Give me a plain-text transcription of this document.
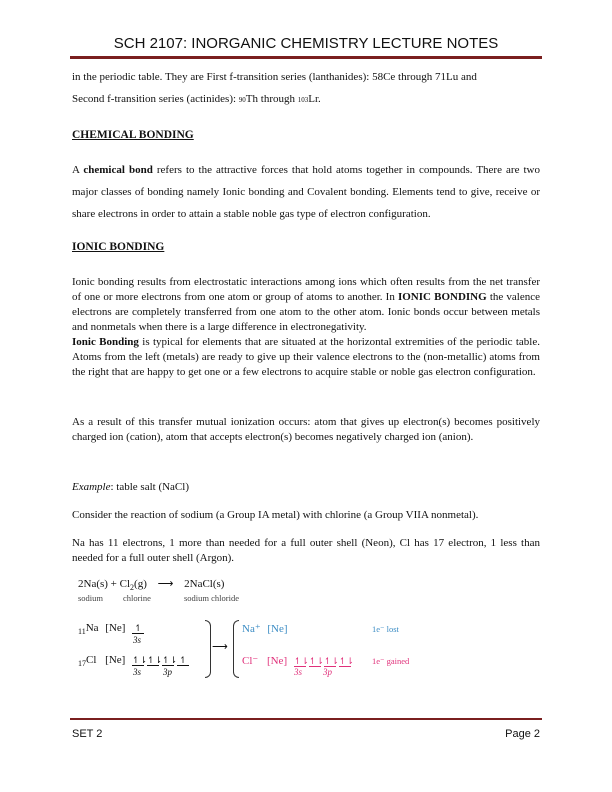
SCH 2107: INORGANIC CHEMISTRY LECTURE NOTES
in the periodic table. They are First f-transition series (lanthanides): 58Ce through 71Lu and
Second f-transition series (actinides): 90Th through 103Lr.
CHEMICAL BONDING
A chemical bond refers to the attractive forces that hold atoms together in compounds. There are two major classes of bonding namely Ionic bonding and Covalent bonding. Elements tend to give, receive or share electrons in order to attain a stable noble gas type of electron configuration.
IONIC BONDING
Ionic bonding results from electrostatic interactions among ions which often results from the net transfer of one or more electrons from one atom or group of atoms to another. In IONIC BONDING the valence electrons are completely transferred from one atom to the other atom. Ionic bonds occur between metals and nonmetals when there is a large difference in electronegativity.
Ionic Bonding is typical for elements that are situated at the horizontal extremities of the periodic table. Atoms from the left (metals) are ready to give up their valence electrons to the (non-metallic) atoms from the right that are happy to get one or a few electrons to acquire stable or noble gas electron configuration.
As a result of this transfer mutual ionization occurs: atom that gives up electron(s) becomes positively charged ion (cation), atom that accepts electron(s) becomes negatively charged ion (anion).
Example: table salt (NaCl)
Consider the reaction of sodium (a Group IA metal) with chlorine (a Group VIIA nonmetal).
Na has 11 electrons, 1 more than needed for a full outer shell (Neon), Cl has 17 electron, 1 less than needed for a full outer shell (Argon).
$2Na(s) + Cl_2(g)$ ⟶ 2NaCl(s)
sodium chlorine	sodium chloride
$_{11}$Na [Ne] ↿
3s
$_{17}$Cl [Ne] ↿⇂↿⇂↿⇂ ↿
3s 3p
⟶
Na⁺ [Ne]	1e⁻ lost
Cl⁻ [Ne] ↿⇂↿⇂↿⇂↿⇂
3s 3p
1e⁻ gained
SET 2	Page 2
